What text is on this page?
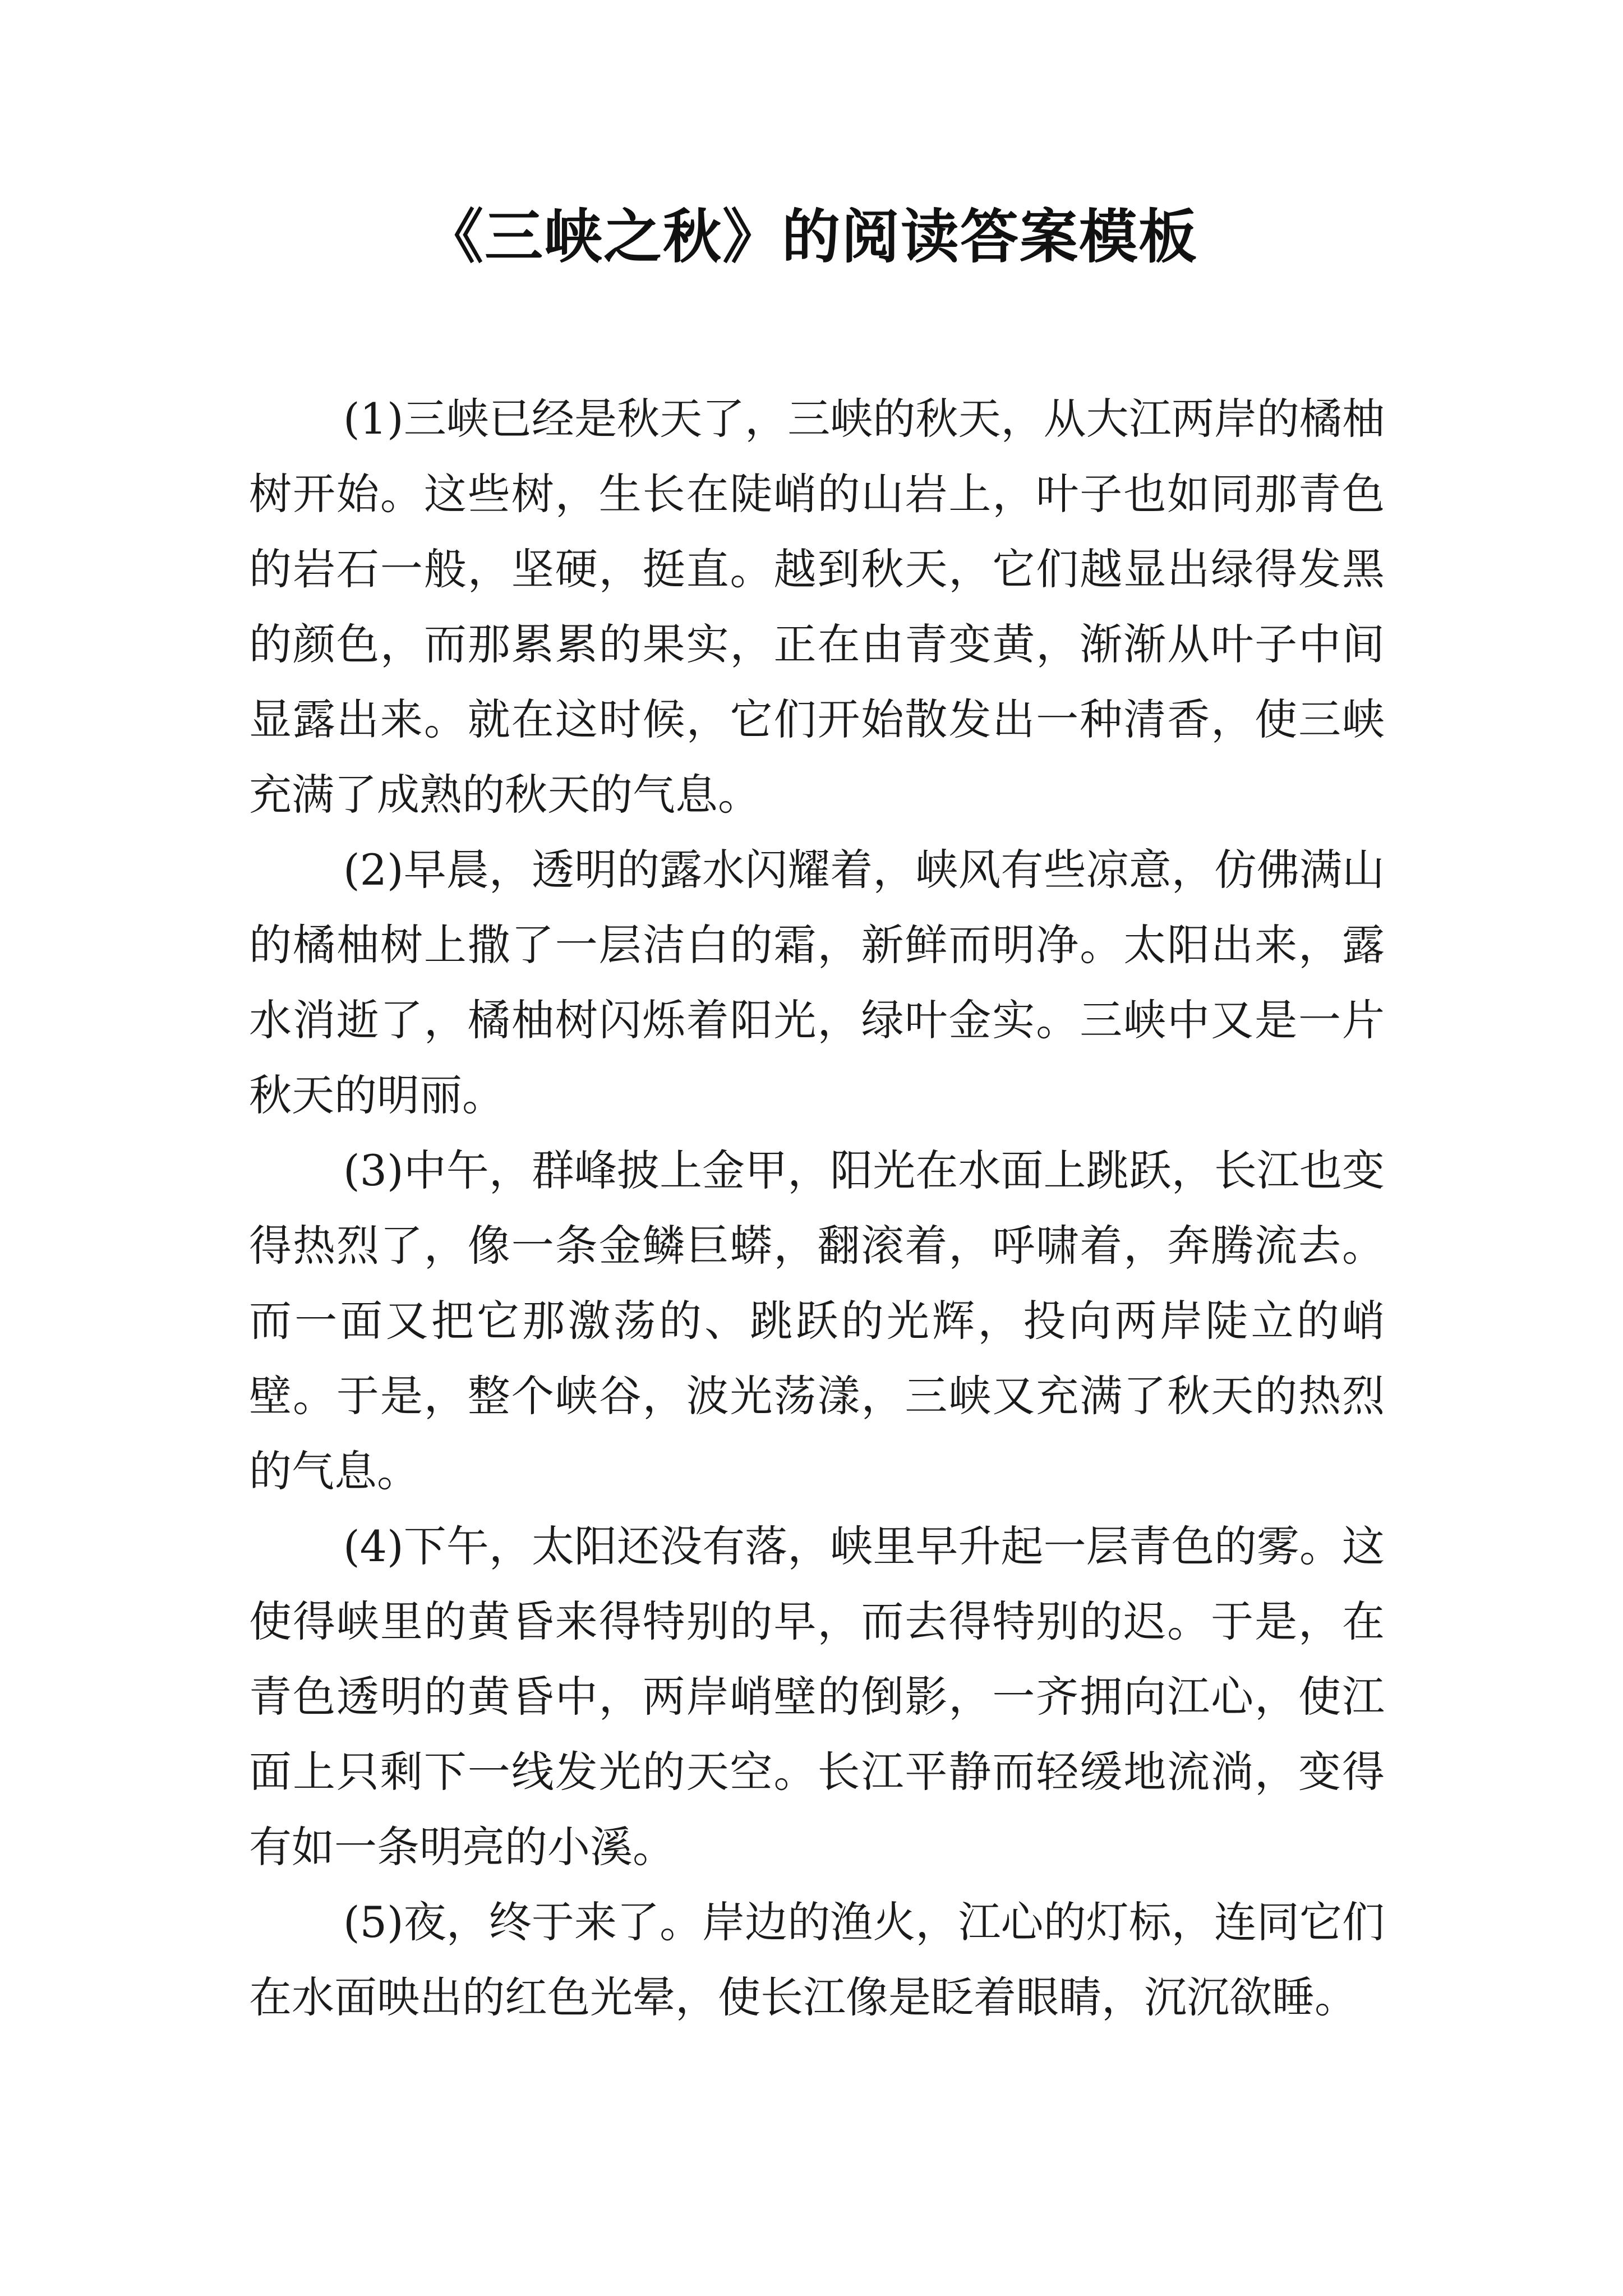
《三峡之秋》的阅读答案模板

(1)三峡已经是秋天了，三峡的秋天，从大江两岸的橘柚树开始。这些树，生长在陡峭的山岩上，叶子也如同那青色的岩石一般，坚硬，挺直。越到秋天，它们越显出绿得发黑的颜色，而那累累的果实，正在由青变黄，渐渐从叶子中间显露出来。就在这时候，它们开始散发出一种清香，使三峡充满了成熟的秋天的气息。

(2)早晨，透明的露水闪耀着，峡风有些凉意，仿佛满山的橘柚树上撒了一层洁白的霜，新鲜而明净。太阳出来，露水消逝了，橘柚树闪烁着阳光，绿叶金实。三峡中又是一片秋天的明丽。

(3)中午，群峰披上金甲，阳光在水面上跳跃，长江也变得热烈了，像一条金鳞巨蟒，翻滚着，呼啸着，奔腾流去。而一面又把它那激荡的、跳跃的光辉，投向两岸陡立的峭壁。于是，整个峡谷，波光荡漾，三峡又充满了秋天的热烈的气息。

(4)下午，太阳还没有落，峡里早升起一层青色的雾。这使得峡里的黄昏来得特别的早，而去得特别的迟。于是，在青色透明的黄昏中，两岸峭壁的倒影，一齐拥向江心，使江面上只剩下一线发光的天空。长江平静而轻缓地流淌，变得有如一条明亮的小溪。

(5)夜，终于来了。岸边的渔火，江心的灯标，连同它们在水面映出的红色光晕，使长江像是眨着眼睛，沉沉欲睡。
